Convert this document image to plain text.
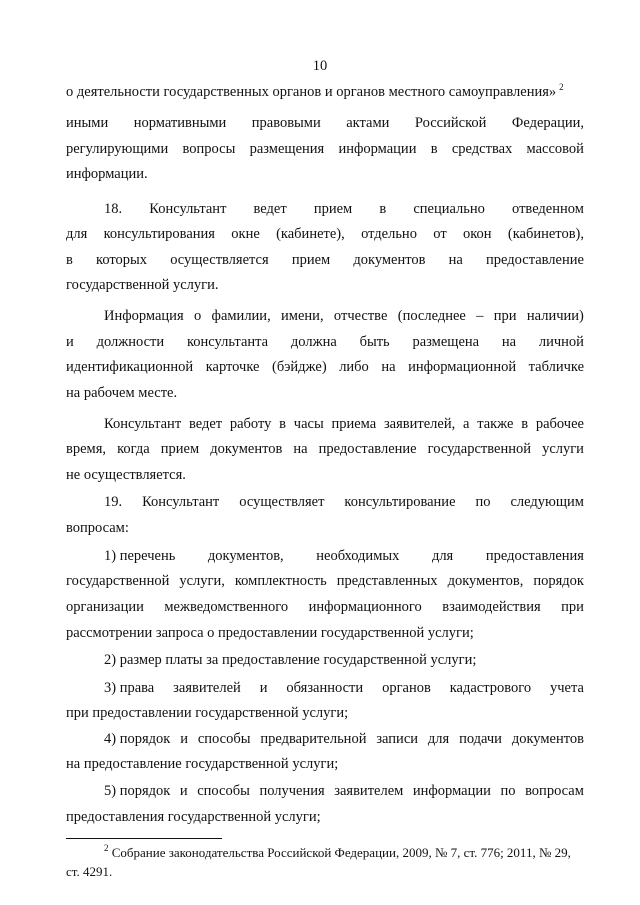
10
о деятельности государственных органов и органов местного самоуправления» $^2$
иными нормативными правовыми актами Российской Федерации,
регулирующими вопросы размещения информации в средствах массовой
информации.
18. Консультант ведет прием в специально отведенном
для консультирования окне (кабинете), отдельно от окон (кабинетов),
в которых осуществляется прием документов на предоставление
государственной услуги.
Информация о фамилии, имени, отчестве (последнее – при наличии)
и должности консультанта должна быть размещена на личной
идентификационной карточке (бэйдже) либо на информационной табличке
на рабочем месте.
Консультант ведет работу в часы приема заявителей, а также в рабочее
время, когда прием документов на предоставление государственной услуги
не осуществляется.
19. Консультант осуществляет консультирование по следующим
вопросам:
1) перечень документов, необходимых для предоставления
государственной услуги, комплектность представленных документов, порядок
организации межведомственного информационного взаимодействия при
рассмотрении запроса о предоставлении государственной услуги;
2) размер платы за предоставление государственной услуги;
3) права заявителей и обязанности органов кадастрового учета
при предоставлении государственной услуги;
4) порядок и способы предварительной записи для подачи документов
на предоставление государственной услуги;
5) порядок и способы получения заявителем информации по вопросам
предоставления государственной услуги;
$^2$ Собрание законодательства Российской Федерации, 2009, № 7, ст. 776; 2011, № 29,
ст. 4291.
